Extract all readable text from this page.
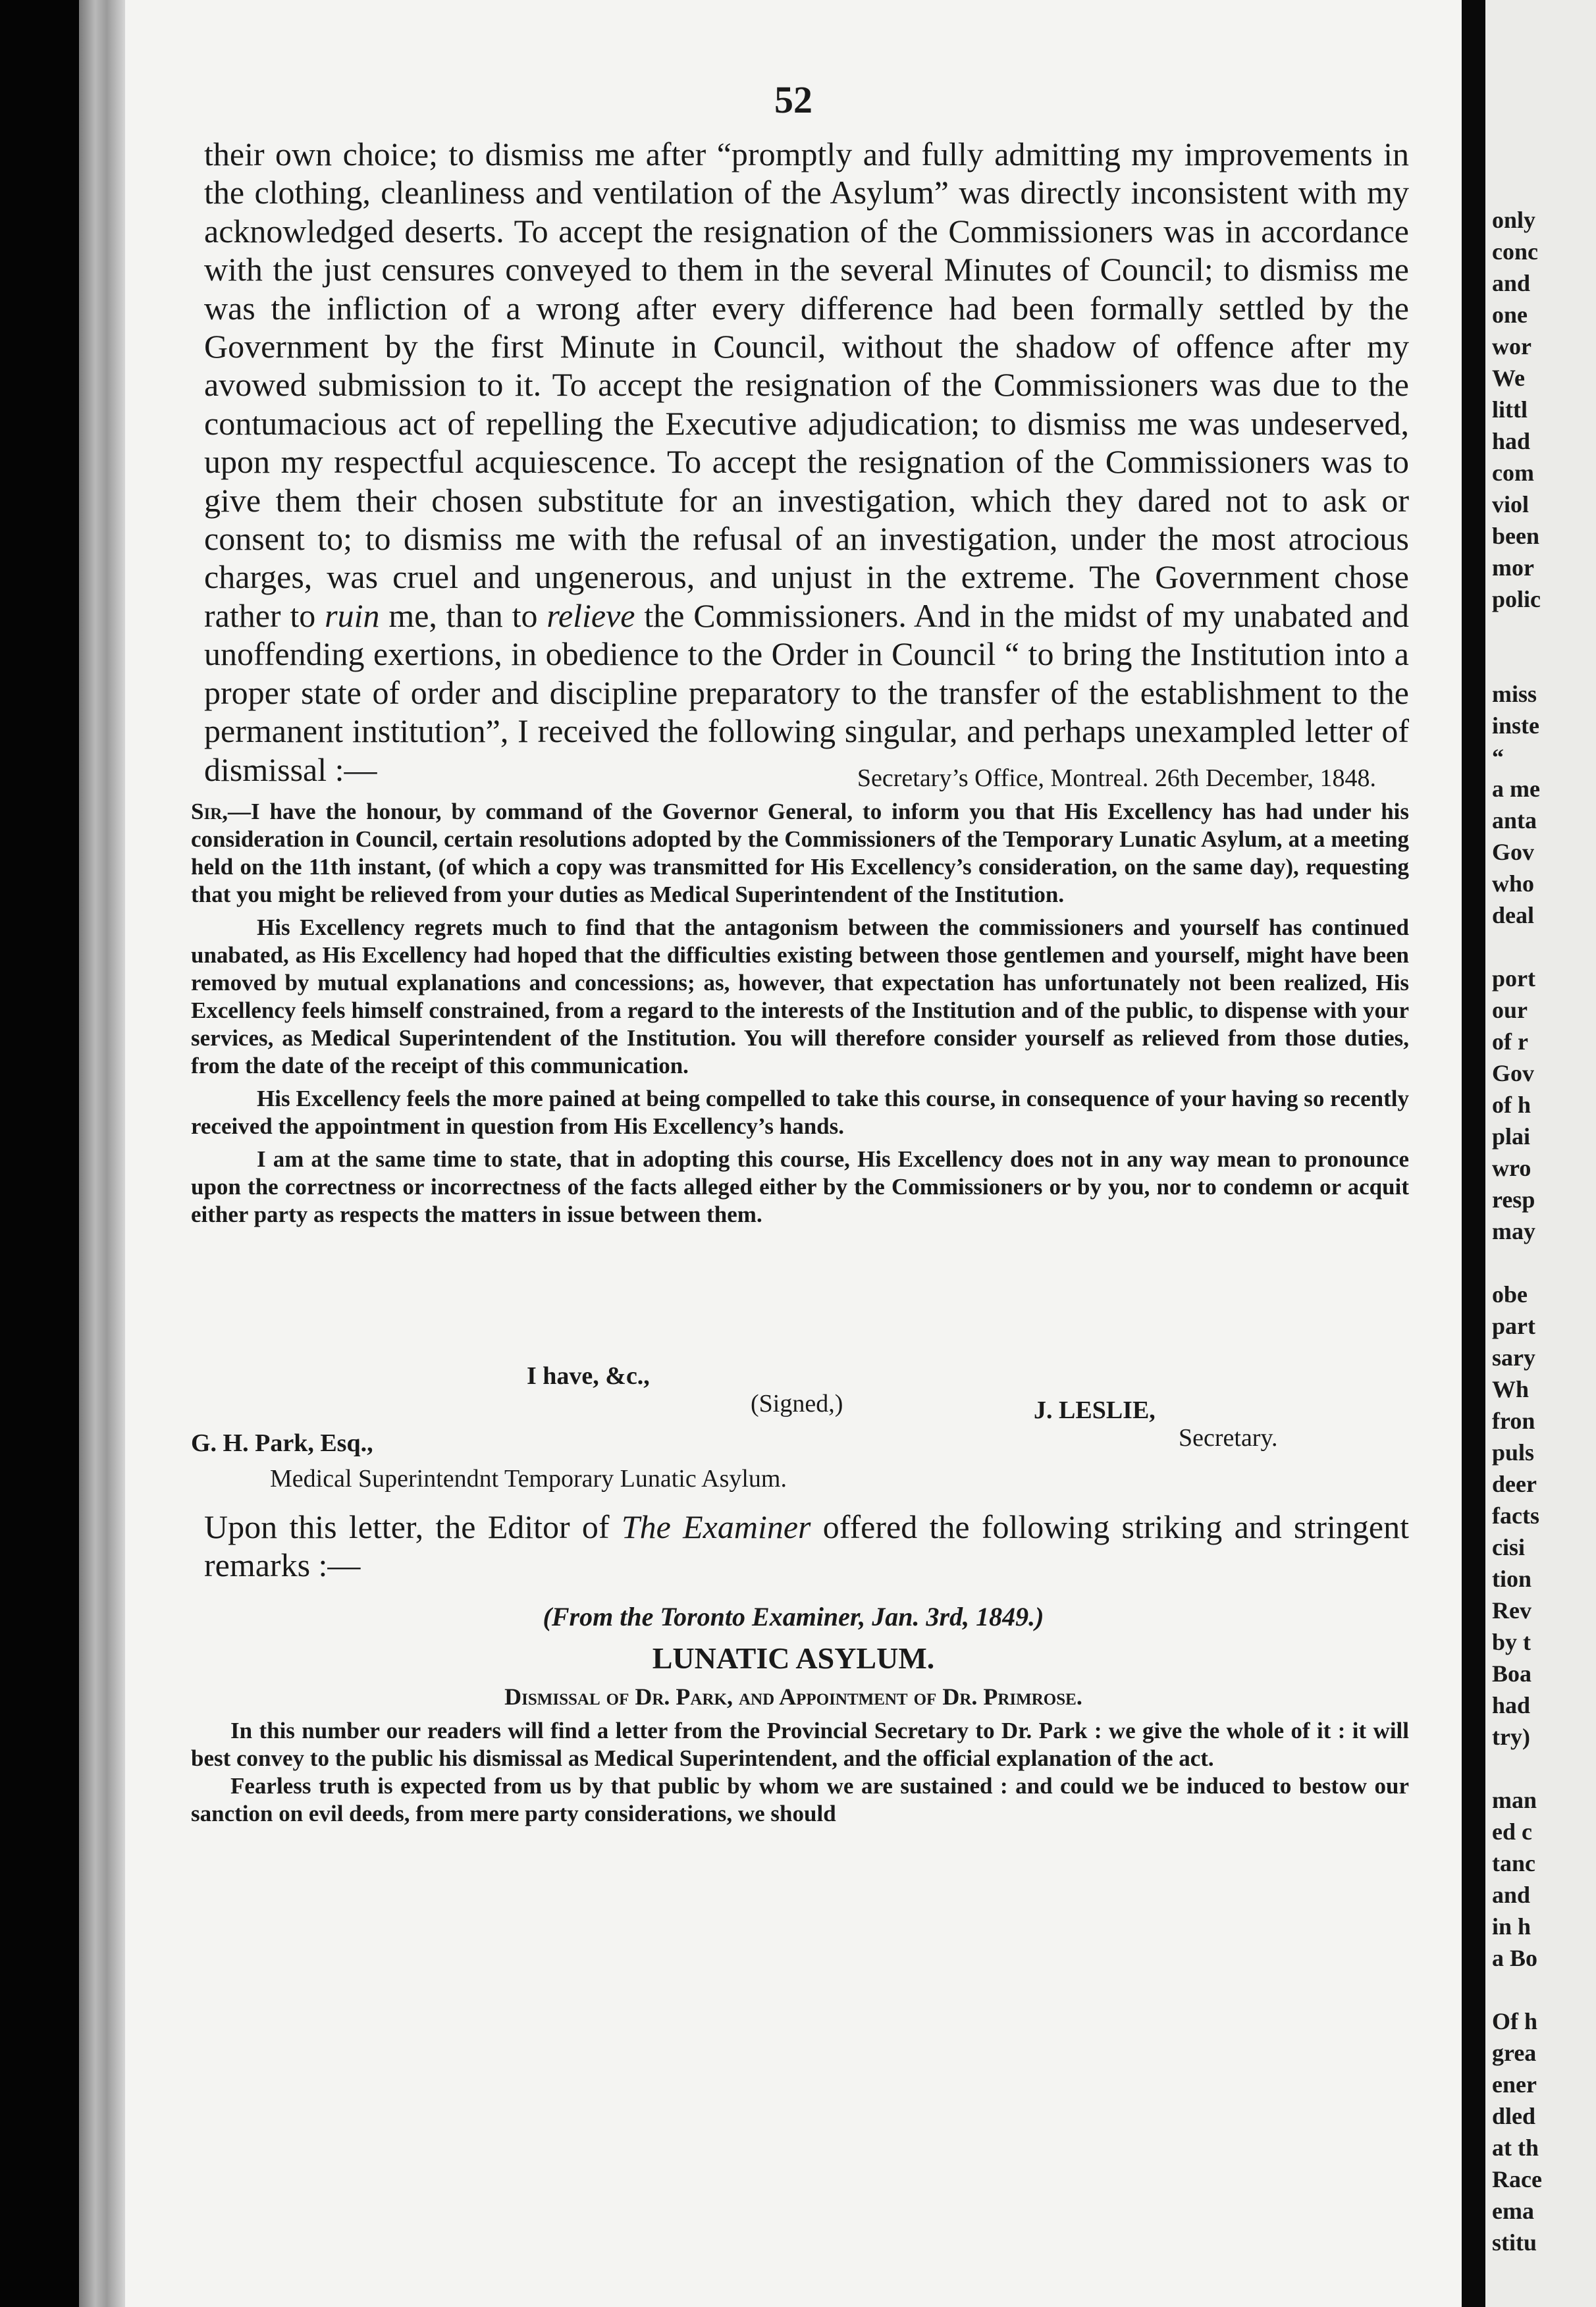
52

their own choice; to dismiss me after “promptly and fully admitting my improvements in the clothing, cleanliness and ventilation of the Asylum” was directly inconsistent with my acknowledged deserts. To accept the resignation of the Commissioners was in accordance with the just censures conveyed to them in the several Minutes of Council; to dismiss me was the infliction of a wrong after every difference had been formally settled by the Government by the first Minute in Council, without the shadow of offence after my avowed submission to it. To accept the resignation of the Commissioners was due to the contumacious act of repelling the Executive adjudication; to dismiss me was undeserved, upon my respectful acquiescence. To accept the resignation of the Commissioners was to give them their chosen substitute for an investigation, which they dared not to ask or consent to; to dismiss me with the refusal of an investigation, under the most atrocious charges, was cruel and ungenerous, and unjust in the extreme. The Government chose rather to ruin me, than to relieve the Commissioners. And in the midst of my unabated and unoffending exertions, in obedience to the Order in Council “ to bring the Institution into a proper state of order and discipline preparatory to the transfer of the establishment to the permanent institution”, I received the following singular, and perhaps unexampled letter of dismissal :—	Secretary’s Office, Montreal. 26th December, 1848.

Sir,—I have the honour, by command of the Governor General, to inform you that His Excellency has had under his consideration in Council, certain resolutions adopted by the Commissioners of the Temporary Lunatic Asylum, at a meeting held on the 11th instant, (of which a copy was transmitted for His Excellency’s consideration, on the same day), requesting that you might be relieved from your duties as Medical Superintendent of the Institution.

His Excellency regrets much to find that the antagonism between the commissioners and yourself has continued unabated, as His Excellency had hoped that the difficulties existing between those gentlemen and yourself, might have been removed by mutual explanations and concessions; as, however, that expectation has unfortunately not been realized, His Excellency feels himself constrained, from a regard to the interests of the Institution and of the public, to dispense with your services, as Medical Superintendent of the Institution. You will therefore consider yourself as relieved from those duties, from the date of the receipt of this communication.

His Excellency feels the more pained at being compelled to take this course, in consequence of your having so recently received the appointment in question from His Excellency’s hands.

I am at the same time to state, that in adopting this course, His Excellency does not in any way mean to pronounce upon the correctness or incorrectness of the facts alleged either by the Commissioners or by you, nor to condemn or acquit either party as respects the matters in issue between them.

I have, &c.,
(Signed,)	J. LESLIE,
Secretary.
G. H. Park, Esq.,
Medical Superintendnt Temporary Lunatic Asylum.

Upon this letter, the Editor of The Examiner offered the following striking and stringent remarks :—

(From the Toronto Examiner, Jan. 3rd, 1849.)
LUNATIC ASYLUM.
Dismissal of Dr. Park, and Appointment of Dr. Primrose.

In this number our readers will find a letter from the Provincial Secretary to Dr. Park : we give the whole of it : it will best convey to the public his dismissal as Medical Superintendent, and the official explanation of the act.

Fearless truth is expected from us by that public by whom we are sustained : and could we be induced to bestow our sanction on evil deeds, from mere party considerations, we should

only
conc
and
one
wor
We
littl
had
com
viol
been
mor
polic

miss
inste
“
a me
anta
Gov
who
deal

port
our
of r
Gov
of h
plai
wro
resp
may

obe
part
sary
Wh
fron
puls
deer
facts
cisi
tion
Rev
by t
Boa
had
try)

man
ed c
tanc
and
in h
a Bo

Of h
grea
ener
dled
at th
Race
ema
stitu
